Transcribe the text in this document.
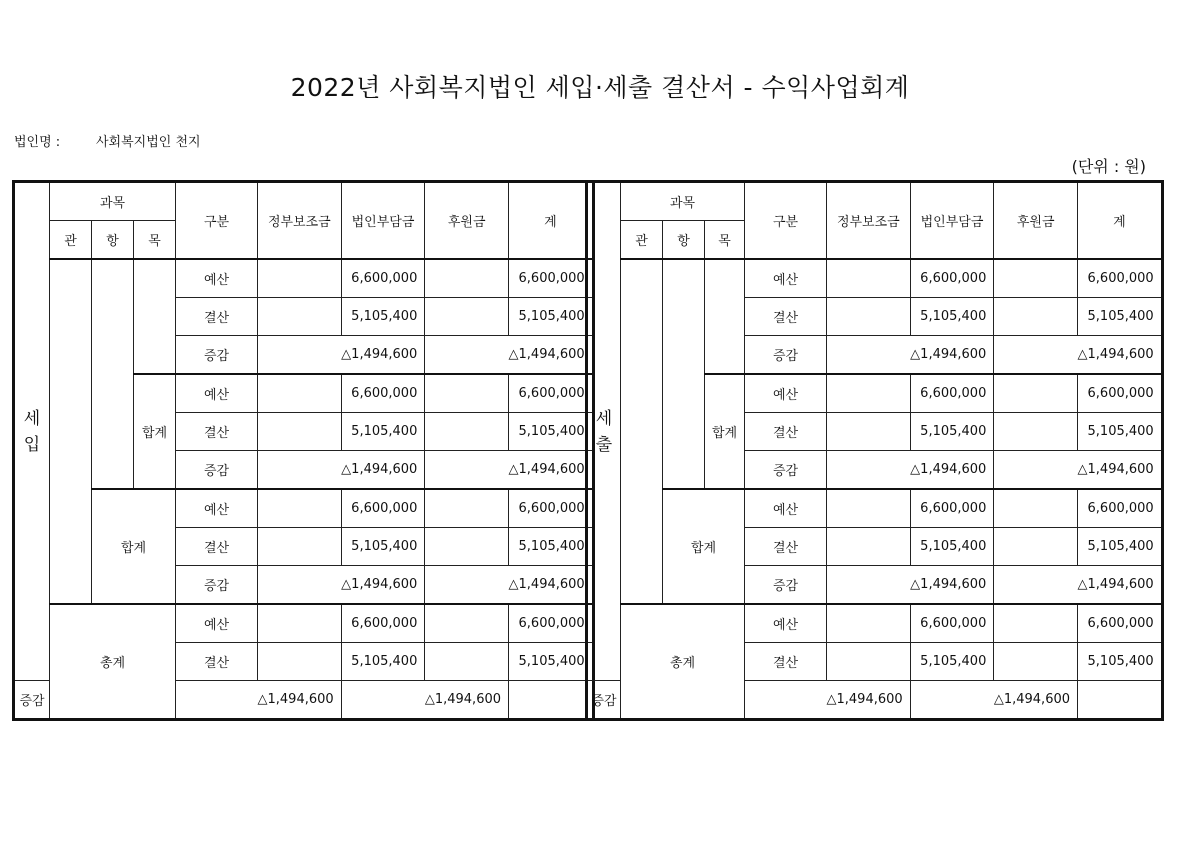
2022년 사회복지법인 세입·세출 결산서 - 수익사업회계
법인명 :	사회복지법인 천지
(단위 : 원)
세
입	과목			구분	정부보조금	법인부담금	후원금	계
	관	항	목					
				예산		6,600,000		6,600,000
				결산		5,105,400		5,105,400
				증감		△1,494,600		△1,494,600
			합계	예산		6,600,000		6,600,000
				결산		5,105,400		5,105,400
				증감		△1,494,600		△1,494,600
		합계		예산		6,600,000		6,600,000
				결산		5,105,400		5,105,400
				증감		△1,494,600		△1,494,600
	총계			예산		6,600,000		6,600,000
				결산		5,105,400		5,105,400
증감					△1,494,600		△1,494,600	
세
출	과목			구분	정부보조금	법인부담금	후원금	계
	관	항	목					
				예산		6,600,000		6,600,000
				결산		5,105,400		5,105,400
				증감		△1,494,600		△1,494,600
			합계	예산		6,600,000		6,600,000
				결산		5,105,400		5,105,400
				증감		△1,494,600		△1,494,600
		합계		예산		6,600,000		6,600,000
				결산		5,105,400		5,105,400
				증감		△1,494,600		△1,494,600
	총계			예산		6,600,000		6,600,000
				결산		5,105,400		5,105,400
증감					△1,494,600		△1,494,600	
